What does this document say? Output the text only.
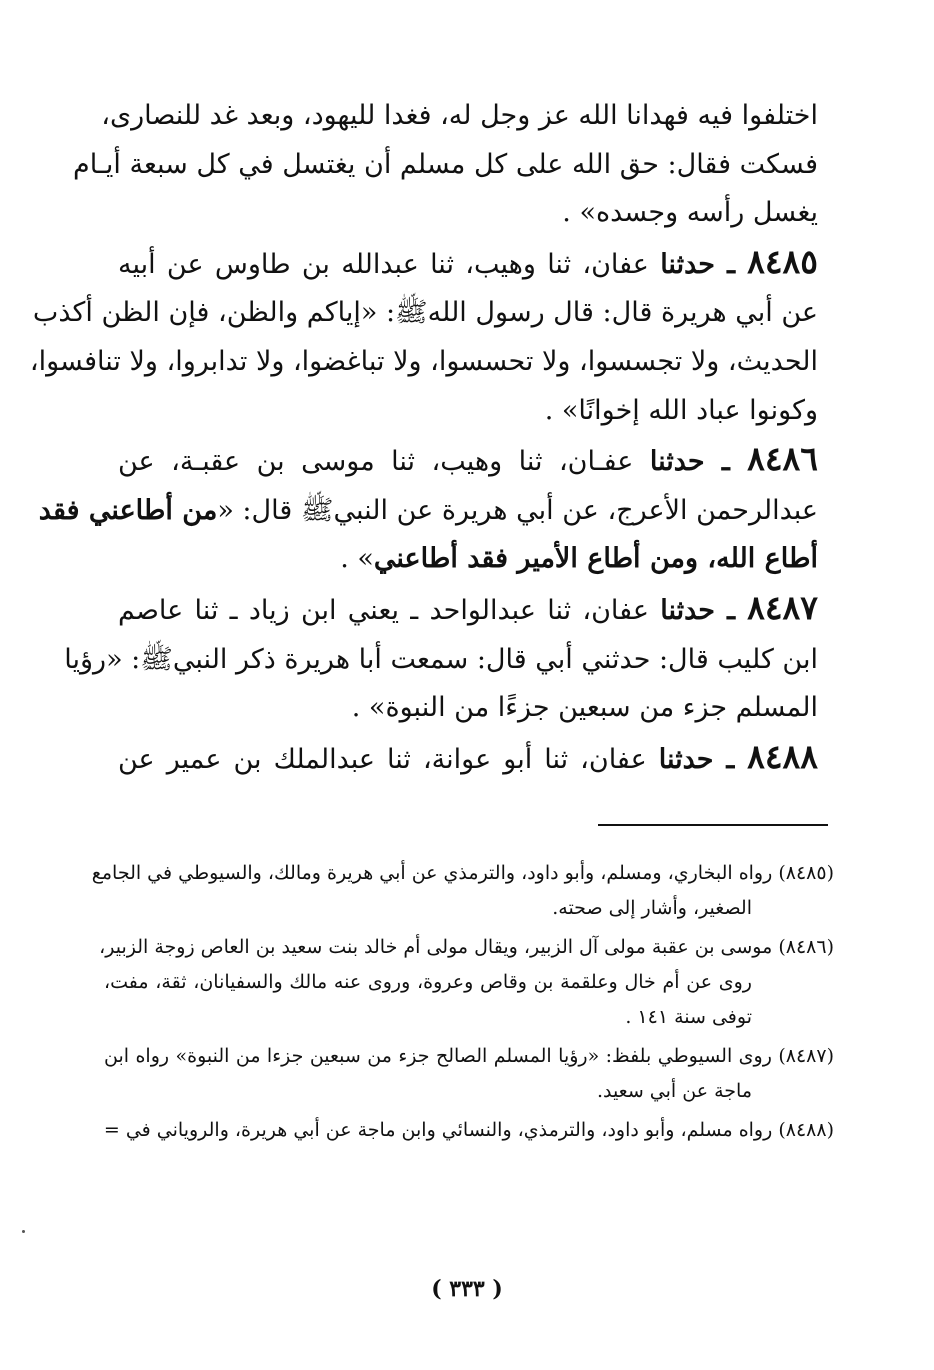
اختلفوا فيه فهدانا الله عز وجل له، فغدا لليهود، وبعد غد للنصارى،
فسكت فقال: حق الله على كل مسلم أن يغتسل في كل سبعة أيـام
يغسل رأسه وجسده» .
٨٤٨٥ ـ حدثنا عفان، ثنا وهيب، ثنا عبدالله بن طاوس عن أبيه
عن أبي هريرة قال: قال رسول اللهﷺ: «إياكم والظن، فإن الظن أكذب
الحديث، ولا تجسسوا، ولا تحسسوا، ولا تباغضوا، ولا تدابروا، ولا تنافسوا،
وكونوا عباد الله إخوانًا» .
٨٤٨٦ ـ حدثنا عفـان، ثنا وهيب، ثنا موسى بن عقبـة، عن
عبدالرحمن الأعرج، عن أبي هريرة عن النبيﷺ قال: «من أطاعني فقد
أطاع الله، ومن أطاع الأمير فقد أطاعني» .
٨٤٨٧ ـ حدثنا عفان، ثنا عبدالواحد ـ يعني ابن زياد ـ ثنا عاصم
ابن كليب قال: حدثني أبي قال: سمعت أبا هريرة ذكر النبيﷺ: «رؤيا
المسلم جزء من سبعين جزءًا من النبوة» .
٨٤٨٨ ـ حدثنا عفان، ثنا أبو عوانة، ثنا عبدالملك بن عمير عن
(٨٤٨٥) رواه البخاري، ومسلم، وأبو داود، والترمذي عن أبي هريرة ومالك، والسيوطي في الجامع
الصغير، وأشار إلى صحته.
(٨٤٨٦) موسى بن عقبة مولى آل الزبير، ويقال مولى أم خالد بنت سعيد بن العاص زوجة الزبير،
روى عن أم خال وعلقمة بن وقاص وعروة، وروى عنه مالك والسفيانان، ثقة، مفت،
توفى سنة ١٤١ .
(٨٤٨٧) روى السيوطي بلفظ: «رؤيا المسلم الصالح جزء من سبعين جزءا من النبوة» رواه ابن
ماجة عن أبي سعيد.
(٨٤٨٨) رواه مسلم، وأبو داود، والترمذي، والنسائي وابن ماجة عن أبي هريرة، والروياني في =
( ٣٣٣ )
